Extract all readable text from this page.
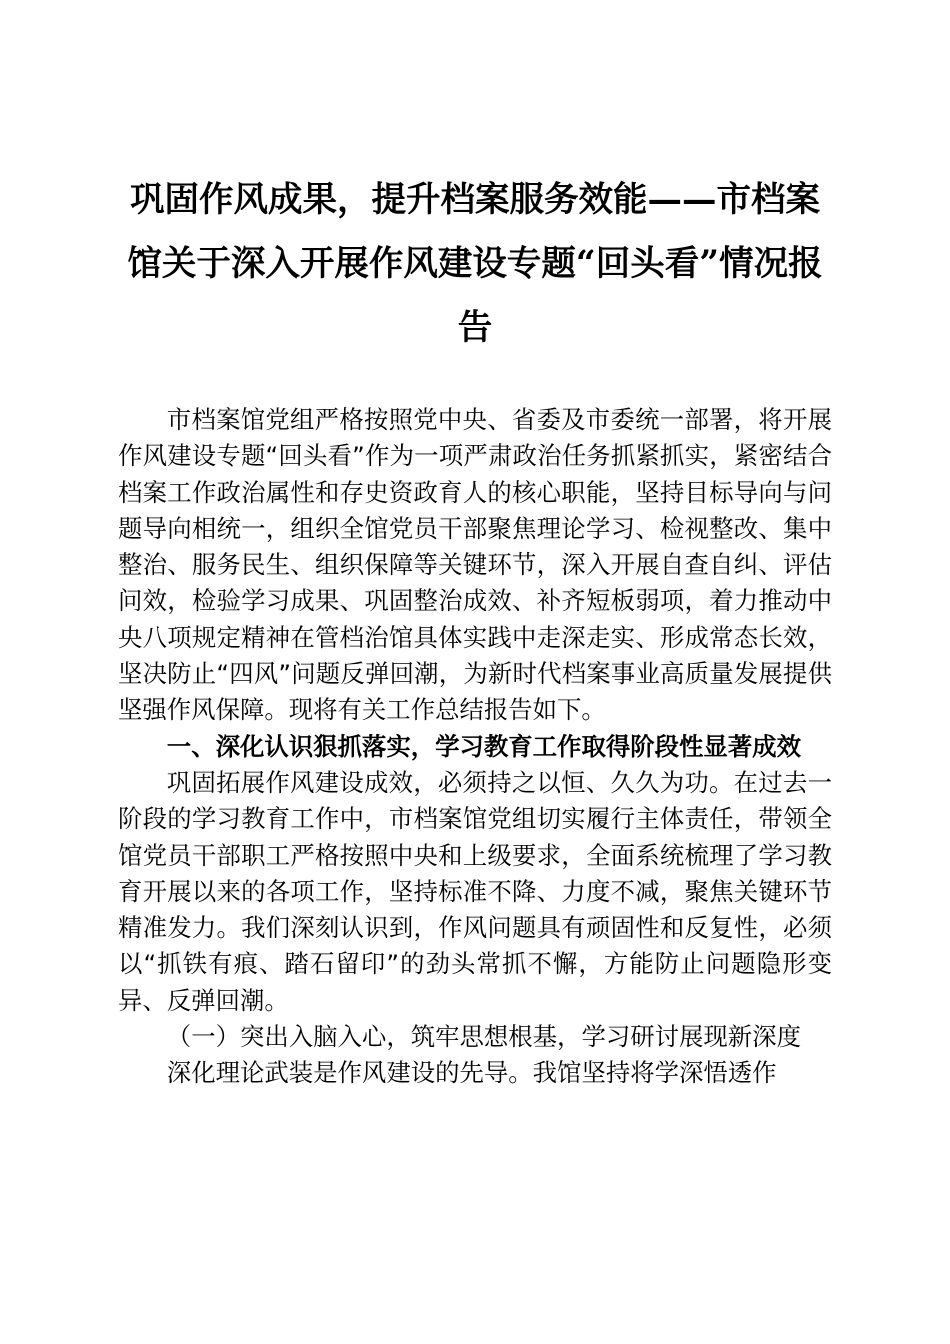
巩固作风成果，提升档案服务效能——市档案馆关于深入开展作风建设专题“回头看”情况报告

市档案馆党组严格按照党中央、省委及市委统一部署，将开展作风建设专题“回头看”作为一项严肃政治任务抓紧抓实，紧密结合档案工作政治属性和存史资政育人的核心职能，坚持目标导向与问题导向相统一，组织全馆党员干部聚焦理论学习、检视整改、集中整治、服务民生、组织保障等关键环节，深入开展自查自纠、评估问效，检验学习成果、巩固整治成效、补齐短板弱项，着力推动中央八项规定精神在管档治馆具体实践中走深走实、形成常态长效，坚决防止“四风”问题反弹回潮，为新时代档案事业高质量发展提供坚强作风保障。现将有关工作总结报告如下。

一、深化认识狠抓落实，学习教育工作取得阶段性显著成效

巩固拓展作风建设成效，必须持之以恒、久久为功。在过去一阶段的学习教育工作中，市档案馆党组切实履行主体责任，带领全馆党员干部职工严格按照中央和上级要求，全面系统梳理了学习教育开展以来的各项工作，坚持标准不降、力度不减，聚焦关键环节精准发力。我们深刻认识到，作风问题具有顽固性和反复性，必须以“抓铁有痕、踏石留印”的劲头常抓不懈，方能防止问题隐形变异、反弹回潮。

（一）突出入脑入心，筑牢思想根基，学习研讨展现新深度

深化理论武装是作风建设的先导。我馆坚持将学深悟透作
